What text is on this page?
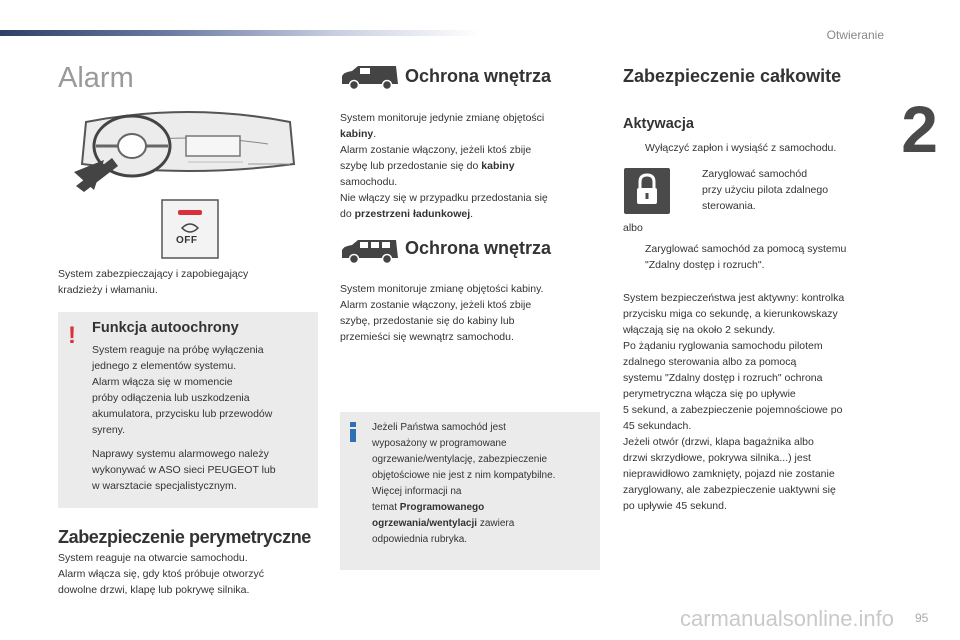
Otwieranie
2
Alarm
OFF
System zabezpieczający i zapobiegający
kradzieży i włamaniu.
! Funkcja autoochrony
System reaguje na próbę wyłączenia
jednego z elementów systemu.
Alarm włącza się w momencie
próby odłączenia lub uszkodzenia
akumulatora, przycisku lub przewodów
syreny.
Naprawy systemu alarmowego należy
wykonywać w ASO sieci PEUGEOT lub
w warsztacie specjalistycznym.
Zabezpieczenie perymetryczne
System reaguje na otwarcie samochodu.
Alarm włącza się, gdy ktoś próbuje otworzyć
dowolne drzwi, klapę lub pokrywę silnika.
Ochrona wnętrza
System monitoruje jedynie zmianę objętości
kabiny.
Alarm zostanie włączony, jeżeli ktoś zbije
szybę lub przedostanie się do kabiny
samochodu.
Nie włączy się w przypadku przedostania się
do przestrzeni ładunkowej.
Ochrona wnętrza
System monitoruje zmianę objętości kabiny.
Alarm zostanie włączony, jeżeli ktoś zbije
szybę, przedostanie się do kabiny lub
przemieści się wewnątrz samochodu.
Jeżeli Państwa samochód jest
wyposażony w programowane
ogrzewanie/wentylację, zabezpieczenie
objętościowe nie jest z nim kompatybilne.
Więcej informacji na
temat Programowanego
ogrzewania/wentylacji zawiera
odpowiednia rubryka.
Zabezpieczenie całkowite
Aktywacja
Wyłączyć zapłon i wysiąść z samochodu.
Zaryglować samochód
przy użyciu pilota zdalnego
sterowania.
albo
Zaryglować samochód za pomocą systemu
"Zdalny dostęp i rozruch".
System bezpieczeństwa jest aktywny: kontrolka
przycisku miga co sekundę, a kierunkowskazy
włączają się na około 2 sekundy.
Po żądaniu ryglowania samochodu pilotem
zdalnego sterowania albo za pomocą
systemu "Zdalny dostęp i rozruch" ochrona
perymetryczna włącza się po upływie
5 sekund, a zabezpieczenie pojemnościowe po
45 sekundach.
Jeżeli otwór (drzwi, klapa bagażnika albo
drzwi skrzydłowe, pokrywa silnika...) jest
nieprawidłowo zamknięty, pojazd nie zostanie
zaryglowany, ale zabezpieczenie uaktywni się
po upływie 45 sekund.
carmanualsonline.info 95
